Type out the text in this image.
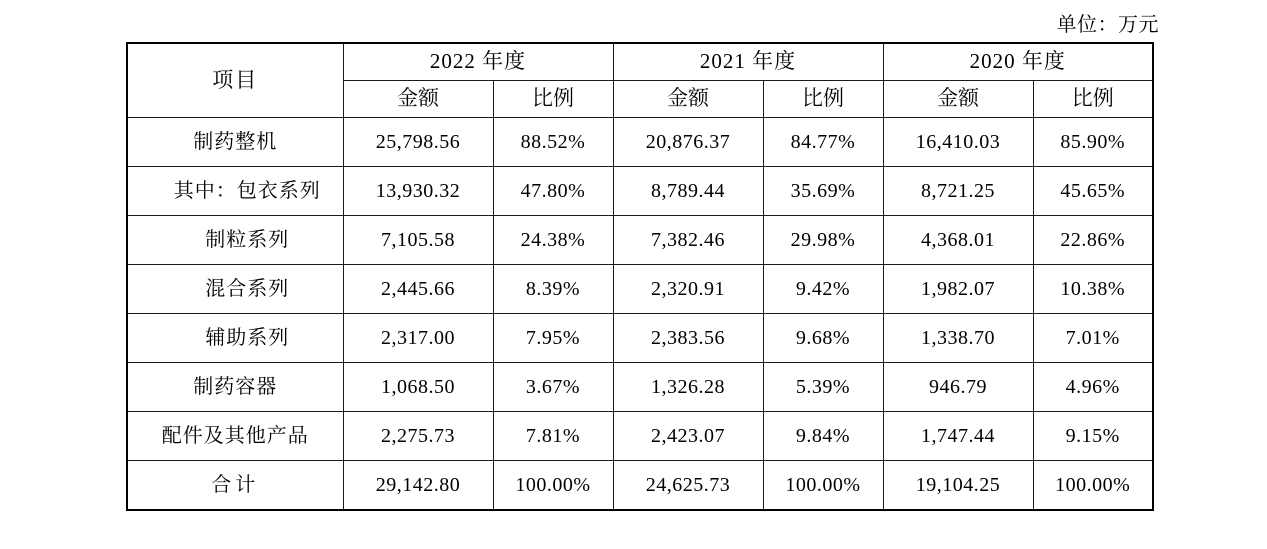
单位：万元
项目	2022 年度		2021 年度		2020 年度	
	金额	比例	金额	比例	金额	比例
制药整机	25,798.56	88.52%	20,876.37	84.77%	16,410.03	85.90%
其中：包衣系列	13,930.32	47.80%	8,789.44	35.69%	8,721.25	45.65%
制粒系列	7,105.58	24.38%	7,382.46	29.98%	4,368.01	22.86%
混合系列	2,445.66	8.39%	2,320.91	9.42%	1,982.07	10.38%
辅助系列	2,317.00	7.95%	2,383.56	9.68%	1,338.70	7.01%
制药容器	1,068.50	3.67%	1,326.28	5.39%	946.79	4.96%
配件及其他产品	2,275.73	7.81%	2,423.07	9.84%	1,747.44	9.15%
合计	29,142.80	100.00%	24,625.73	100.00%	19,104.25	100.00%
